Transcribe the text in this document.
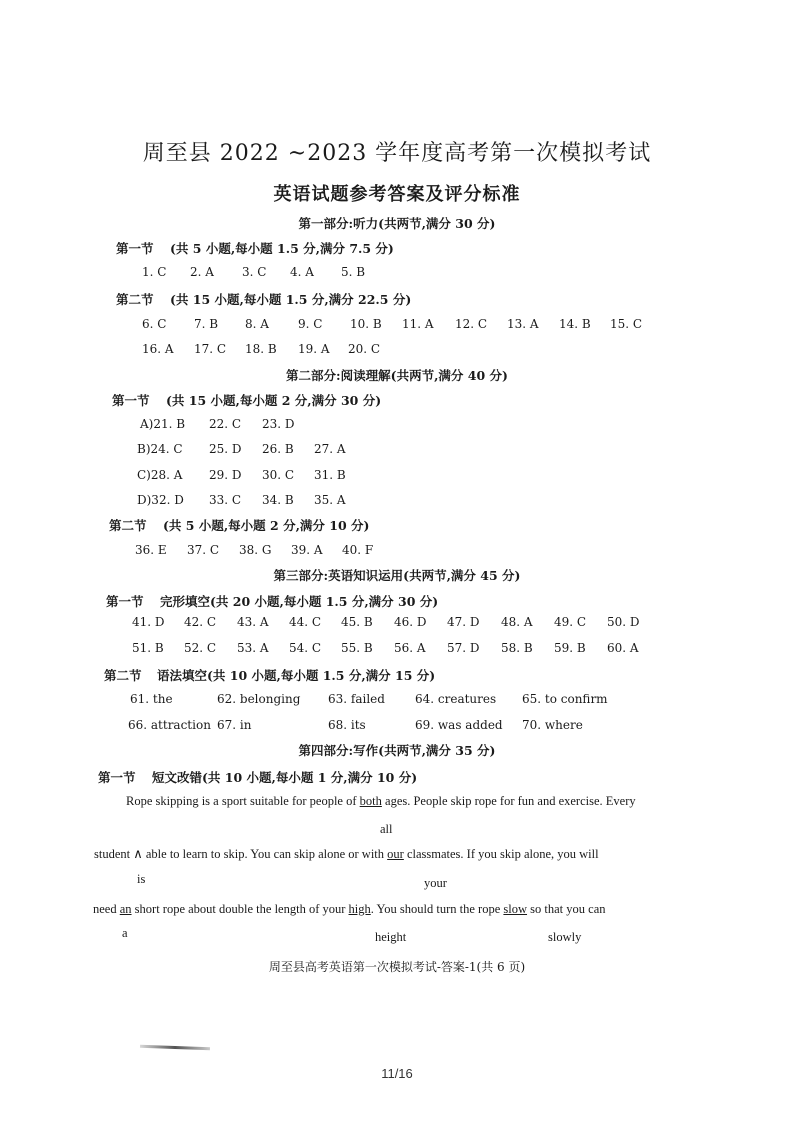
周至县 2022 ~2023 学年度高考第一次模拟考试
英语试题参考答案及评分标准
第一部分:听力(共两节,满分 30 分)
第一节 (共 5 小题,每小题 1.5 分,满分 7.5 分)
1. C 2. A 3. C 4. A 5. B
第二节 (共 15 小题,每小题 1.5 分,满分 22.5 分)
6. C 7. B 8. A 9. C 10. B 11. A 12. C 13. A 14. B 15. C
16. A 17. C 18. B 19. A 20. C
第二部分:阅读理解(共两节,满分 40 分)
第一节 (共 15 小题,每小题 2 分,满分 30 分)
A)21. B 22. C 23. D
B)24. C 25. D 26. B 27. A
C)28. A 29. D 30. C 31. B
D)32. D 33. C 34. B 35. A
第二节 (共 5 小题,每小题 2 分,满分 10 分)
36. E 37. C 38. G 39. A 40. F
第三部分:英语知识运用(共两节,满分 45 分)
第一节 完形填空(共 20 小题,每小题 1.5 分,满分 30 分)
41. D 42. C 43. A 44. C 45. B 46. D 47. D 48. A 49. C 50. D
51. B 52. C 53. A 54. C 55. B 56. A 57. D 58. B 59. B 60. A
第二节 语法填空(共 10 小题,每小题 1.5 分,满分 15 分)
61. the	62. belonging 63. failed	64. creatures 65. to confirm
66. attraction 67. in	68. its	69. was added 70. where
第四部分:写作(共两节,满分 35 分)
第一节 短文改错(共 10 小题,每小题 1 分,满分 10 分)
Rope skipping is a sport suitable for people of both ages. People skip rope for fun and exercise. Every
all
student ∧ able to learn to skip. You can skip alone or with our classmates. If you skip alone, you will
is	your
need an short rope about double the length of your high. You should turn the rope slow so that you can
a	height	slowly
周至县高考英语第一次模拟考试-答案-1(共 6 页)
11/16
